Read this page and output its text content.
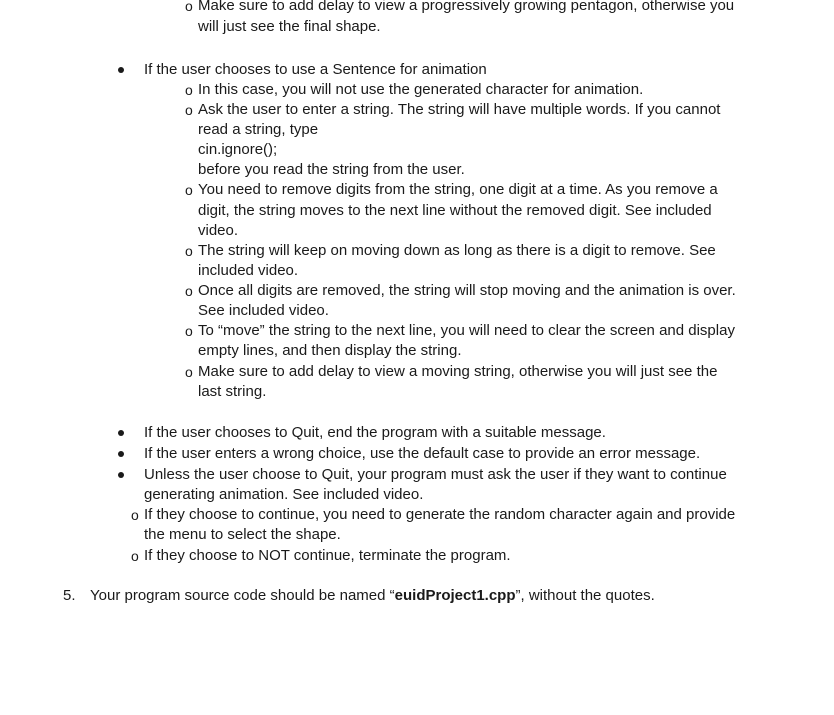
o Make sure to add delay to view a progressively growing pentagon, otherwise you
will just see the final shape.
If the user chooses to use a Sentence for animation
o In this case, you will not use the generated character for animation.
o Ask the user to enter a string. The string will have multiple words. If you cannot
read a string, type
cin.ignore();
before you read the string from the user.
o You need to remove digits from the string, one digit at a time. As you remove a
digit, the string moves to the next line without the removed digit. See included
video.
o The string will keep on moving down as long as there is a digit to remove. See
included video.
o Once all digits are removed, the string will stop moving and the animation is over.
See included video.
o To “move” the string to the next line, you will need to clear the screen and display
empty lines, and then display the string.
o Make sure to add delay to view a moving string, otherwise you will just see the
last string.
If the user chooses to Quit, end the program with a suitable message.
If the user enters a wrong choice, use the default case to provide an error message.
Unless the user choose to Quit, your program must ask the user if they want to continue
generating animation. See included video.
o If they choose to continue, you need to generate the random character again and provide
the menu to select the shape.
o If they choose to NOT continue, terminate the program.
5. Your program source code should be named “euidProject1.cpp”, without the quotes.
